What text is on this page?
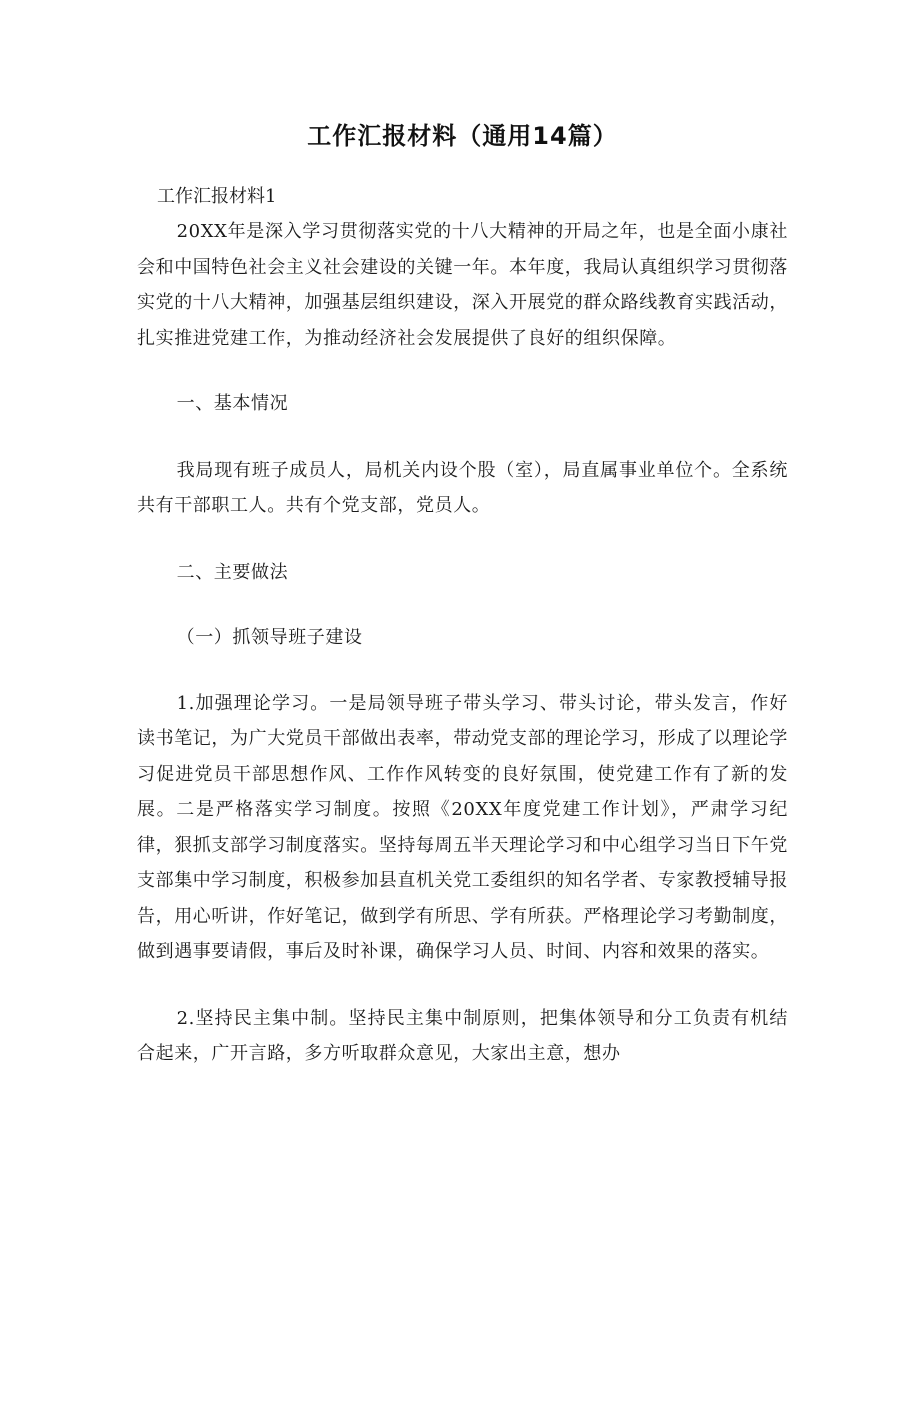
工作汇报材料（通用14篇）
工作汇报材料1

20XX年是深入学习贯彻落实党的十八大精神的开局之年，也是全面小康社会和中国特色社会主义社会建设的关键一年。本年度，我局认真组织学习贯彻落实党的十八大精神，加强基层组织建设，深入开展党的群众路线教育实践活动，扎实推进党建工作，为推动经济社会发展提供了良好的组织保障。

一、基本情况

我局现有班子成员人，局机关内设个股（室），局直属事业单位个。全系统共有干部职工人。共有个党支部，党员人。

二、主要做法

（一）抓领导班子建设

1.加强理论学习。一是局领导班子带头学习、带头讨论，带头发言，作好读书笔记，为广大党员干部做出表率，带动党支部的理论学习，形成了以理论学习促进党员干部思想作风、工作作风转变的良好氛围，使党建工作有了新的发展。二是严格落实学习制度。按照《20XX年度党建工作计划》，严肃学习纪律，狠抓支部学习制度落实。坚持每周五半天理论学习和中心组学习当日下午党支部集中学习制度，积极参加县直机关党工委组织的知名学者、专家教授辅导报告，用心听讲，作好笔记，做到学有所思、学有所获。严格理论学习考勤制度，做到遇事要请假，事后及时补课，确保学习人员、时间、内容和效果的落实。

2.坚持民主集中制。坚持民主集中制原则，把集体领导和分工负责有机结合起来，广开言路，多方听取群众意见，大家出主意，想办
